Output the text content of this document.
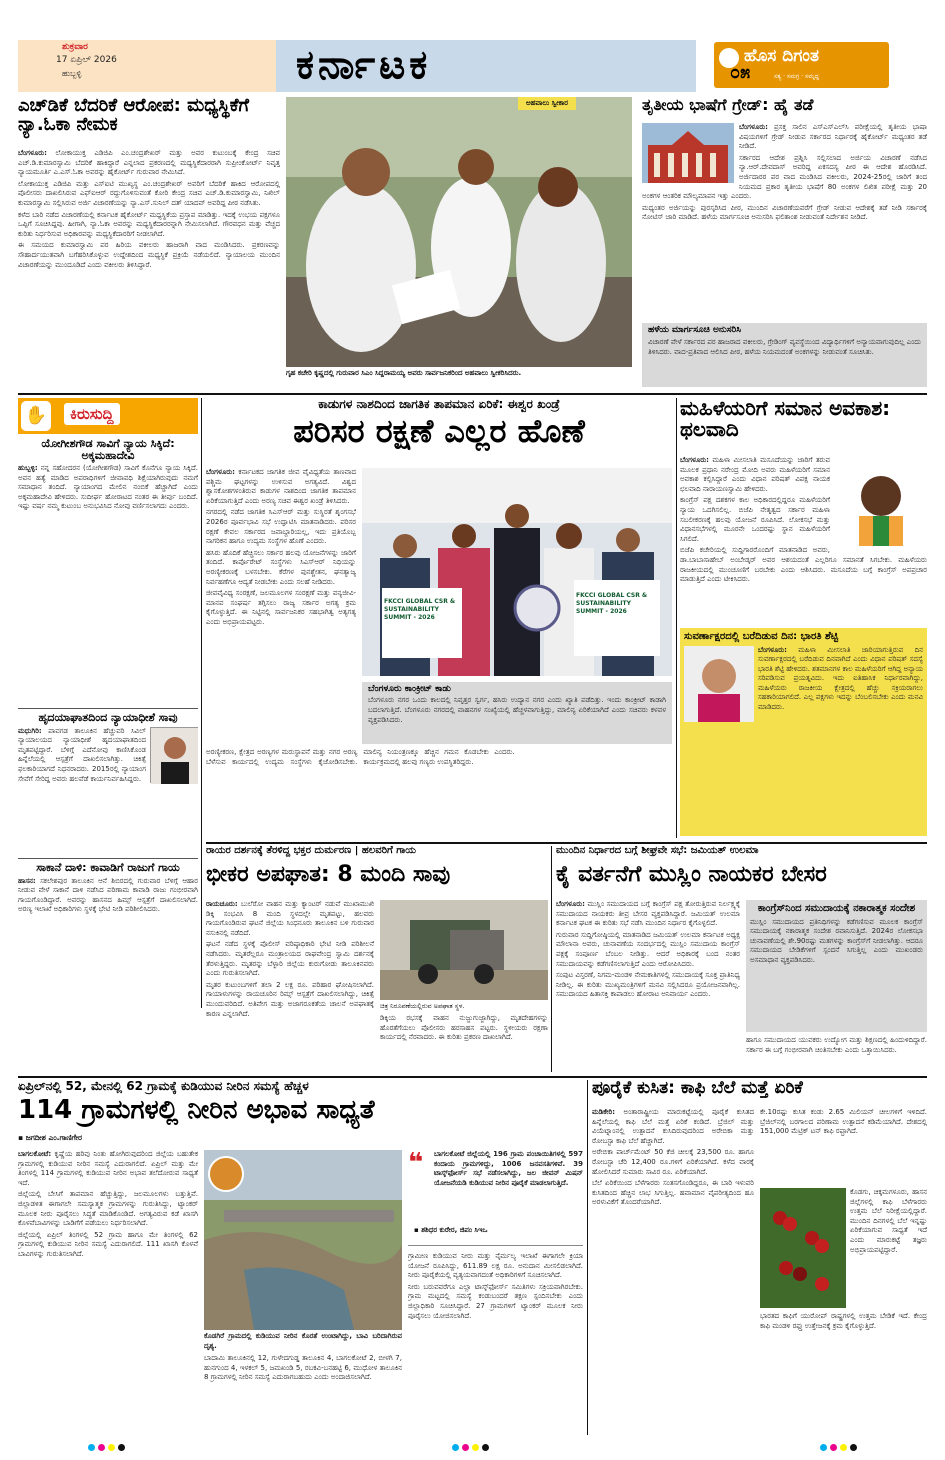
ಶುಕ್ರವಾರ
17 ಏಪ್ರಿಲ್ 2026
ಹುಬ್ಬಳ್ಳಿ	ಕರ್ನಾಟಕ	ಹೊಸ ದಿಗಂತ
ಸತ್ಯ · ಸಮಗ್ರ · ಸಮೃದ್ಧ
೦೫
ಎಚ್‌ಡಿಕೆ ಬೆದರಿಕೆ ಆರೋಪ: ಮಧ್ಯಸ್ಥಿಕೆಗೆ ನ್ಯಾ.ಓಕಾ ನೇಮಕ

ಬೆಂಗಳೂರು: ಲೋಕಾಯುಕ್ತ ಎಡಿಜಿಪಿ ಎಂ.ಚಂದ್ರಶೇಖರ್ ಮತ್ತು ಅವರ ಕುಟುಂಬಕ್ಕೆ ಕೇಂದ್ರ ಸಚಿವ ಎಚ್.ಡಿ.ಕುಮಾರಸ್ವಾಮಿ ಬೆದರಿಕೆ ಹಾಕಿದ್ದಾರೆ ಎನ್ನಲಾದ ಪ್ರಕರಣದಲ್ಲಿ ಮಧ್ಯಸ್ಥಿಕೆದಾರರಾಗಿ ಸುಪ್ರೀಂಕೋರ್ಟ್ ನಿವೃತ್ತ ನ್ಯಾಯಮೂರ್ತಿ ಎ.ಎಸ್.ಓಕಾ ಅವರನ್ನು ಹೈಕೋರ್ಟ್ ಗುರುವಾರ ನೇಮಿಸಿದೆ.

ಲೋಕಾಯುಕ್ತ ಎಡಿಜಿಪಿ ಮತ್ತು ಎಸ್‌ಐಟಿ ಮುಖ್ಯಸ್ಥ ಎಂ.ಚಂದ್ರಶೇಖರ್ ಅವರಿಗೆ ಬೆದರಿಕೆ ಹಾಕಿದ ಆರೋಪದಲ್ಲಿ ಪೊಲೀಸರು ದಾಖಲಿಸಿರುವ ಎಫ್‌ಐಆರ್ ರದ್ದುಗೊಳಿಸುವಂತೆ ಕೋರಿ ಕೇಂದ್ರ ಸಚಿವ ಎಚ್.ಡಿ.ಕುಮಾರಸ್ವಾಮಿ, ನಿಖಿಲ್ ಕುಮಾರಸ್ವಾಮಿ ಸಲ್ಲಿಸಿರುವ ಅರ್ಜಿ ವಿಚಾರಣೆಯನ್ನು ನ್ಯಾ.ಎಸ್.ಸುನಿಲ್ ದತ್ ಯಾದವ್ ಅವರಿದ್ದ ಪೀಠ ನಡೆಸಿತು.

ಕಳೆದ ಬಾರಿ ನಡೆದ ವಿಚಾರಣೆಯಲ್ಲಿ ಕರ್ನಾಟಕ ಹೈಕೋರ್ಟ್ ಮಧ್ಯಸ್ಥಿಕೆಯ ಪ್ರಸ್ತಾಪ ಮಾಡಿತ್ತು. ಇದಕ್ಕೆ ಉಭಯ ಪಕ್ಷಗಳೂ ಒಪ್ಪಿಗೆ ಸೂಚಿಸಿದ್ದವು. ಹೀಗಾಗಿ, ನ್ಯಾ.ಓಕಾ ಅವರನ್ನು ಮಧ್ಯಸ್ಥಿಕೆದಾರರನ್ನಾಗಿ ನೇಮಿಸಲಾಗಿದೆ. ಗೌರವಧನ ಮತ್ತು ವೆಚ್ಚದ ಕುರಿತು ನಿರ್ಧರಿಸುವ ಅಧಿಕಾರವನ್ನು ಮಧ್ಯಸ್ಥಿಕೆದಾರರಿಗೆ ನೀಡಲಾಗಿದೆ.

ಈ ಸಮಯದ ಕುಮಾರಸ್ವಾಮಿ ಪರ ಹಿರಿಯ ವಕೀಲರು ಹಾಜರಾಗಿ ವಾದ ಮಂಡಿಸಿದರು. ಪ್ರಕರಣವನ್ನು ಸೌಹಾರ್ದಯುತವಾಗಿ ಬಗೆಹರಿಸಿಕೊಳ್ಳುವ ಉದ್ದೇಶದಿಂದ ಮಧ್ಯಸ್ಥಿಕೆ ಪ್ರಕ್ರಿಯೆ ನಡೆಯಲಿದೆ. ನ್ಯಾಯಾಲಯ ಮುಂದಿನ ವಿಚಾರಣೆಯನ್ನು ಮುಂದೂಡಿದೆ ಎಂದು ವಕೀಲರು ತಿಳಿಸಿದ್ದಾರೆ.

ಅಹವಾಲು ಸ್ವೀಕಾರ
ಗೃಹ ಕಚೇರಿ ಕೃಷ್ಣದಲ್ಲಿ ಗುರುವಾರ ಸಿಎಂ ಸಿದ್ದರಾಮಯ್ಯ ಅವರು ಸಾರ್ವಜನಿಕರಿಂದ ಅಹವಾಲು ಸ್ವೀಕರಿಸಿದರು.
ತೃತೀಯ ಭಾಷೆಗೆ ಗ್ರೇಡ್: ಹೈ ತಡೆ

ಬೆಂಗಳೂರು: ಪ್ರಸಕ್ತ ಸಾಲಿನ ಎಸ್‌ಎಸ್‌ಎಲ್‌ಸಿ ಪರೀಕ್ಷೆಯಲ್ಲಿ ತೃತೀಯ ಭಾಷಾ ವಿಷಯಗಳಿಗೆ ಗ್ರೇಡ್ ನೀಡುವ ಸರ್ಕಾರದ ನಿರ್ಧಾರಕ್ಕೆ ಹೈಕೋರ್ಟ್ ಮಧ್ಯಂತರ ತಡೆ ನೀಡಿದೆ.

ಸರ್ಕಾರದ ಆದೇಶ ಪ್ರಶ್ನಿಸಿ ಸಲ್ಲಿಸಲಾದ ಅರ್ಜಿಯ ವಿಚಾರಣೆ ನಡೆಸಿದ ನ್ಯಾ.ಆರ್.ದೇವದಾಸ್ ಅವರಿದ್ದ ಏಕಸದಸ್ಯ ಪೀಠ ಈ ಆದೇಶ ಹೊರಡಿಸಿದೆ. ಅರ್ಜಿದಾರರ ಪರ ವಾದ ಮಂಡಿಸಿದ ವಕೀಲರು, 2024-25ರಲ್ಲಿ ಜಾರಿಗೆ ತಂದ ನಿಯಮದ ಪ್ರಕಾರ ತೃತೀಯ ಭಾಷೆಗೆ 80 ಅಂಕಗಳ ಲಿಖಿತ ಪರೀಕ್ಷೆ ಮತ್ತು 20 ಅಂಕಗಳ ಆಂತರಿಕ ಮೌಲ್ಯಮಾಪನ ಇತ್ತು ಎಂದರು.

ಮಧ್ಯಂತರ ಅರ್ಜಿಯನ್ನು ಪುರಸ್ಕರಿಸಿದ ಪೀಠ, ಮುಂದಿನ ವಿಚಾರಣೆಯವರೆಗೆ ಗ್ರೇಡ್ ನೀಡುವ ಆದೇಶಕ್ಕೆ ತಡೆ ನೀಡಿ ಸರ್ಕಾರಕ್ಕೆ ನೋಟಿಸ್ ಜಾರಿ ಮಾಡಿದೆ. ಹಳೆಯ ಮಾರ್ಗಸೂಚಿ ಅನುಸರಿಸಿ ಫಲಿತಾಂಶ ನೀಡುವಂತೆ ನಿರ್ದೇಶನ ನೀಡಿದೆ.

ಹಳೆಯ ಮಾರ್ಗಸೂಚಿ ಅನುಸರಿಸಿ
ವಿಚಾರಣೆ ವೇಳೆ ಸರ್ಕಾರದ ಪರ ಹಾಜರಾದ ವಕೀಲರು, ಗ್ರೇಡಿಂಗ್ ವ್ಯವಸ್ಥೆಯಿಂದ ವಿದ್ಯಾರ್ಥಿಗಳಿಗೆ ಅನ್ಯಾಯವಾಗುವುದಿಲ್ಲ ಎಂದು ತಿಳಿಸಿದರು. ವಾದ-ಪ್ರತಿವಾದ ಆಲಿಸಿದ ಪೀಠ, ಹಳೆಯ ನಿಯಮದಂತೆ ಅಂಕಗಳನ್ನು ನೀಡುವಂತೆ ಸೂಚಿಸಿತು.
✋	ಕಿರುಸುದ್ದಿ
ಯೋಗೀಶಗೌಡ ಸಾವಿಗೆ ನ್ಯಾಯ ಸಿಕ್ಕಿದೆ: ಅಕ್ಕಮಹಾದೇವಿ
ಹುಬ್ಬಳ್ಳಿ: ನನ್ನ ಸಹೋದರನ (ಯೋಗೀಶಗೌಡ) ಸಾವಿಗೆ ಕೊನೆಗೂ ನ್ಯಾಯ ಸಿಕ್ಕಿದೆ. ಅವನ ಹತ್ಯೆ ಮಾಡಿದ ಅಪರಾಧಿಗಳಿಗೆ ಜೀವಾವಧಿ ಶಿಕ್ಷೆಯಾಗಿರುವುದು ನಮಗೆ ಸಮಾಧಾನ ತಂದಿದೆ. ನ್ಯಾಯಾಂಗದ ಮೇಲಿನ ನಂಬಿಕೆ ಹೆಚ್ಚಾಗಿದೆ ಎಂದು ಅಕ್ಕಮಹಾದೇವಿ ಹೇಳಿದರು. ಸುದೀರ್ಘ ಹೋರಾಟದ ನಂತರ ಈ ತೀರ್ಪು ಬಂದಿದೆ. ಇಷ್ಟು ವರ್ಷ ನಮ್ಮ ಕುಟುಂಬ ಅನುಭವಿಸಿದ ನೋವು ವರ್ಣಿಸಲಾಗದು ಎಂದರು.
ಹೃದಯಾಘಾತದಿಂದ ನ್ಯಾಯಾಧೀಶೆ ಸಾವು
ಮಧುಗಿರಿ: ಪಾವಗಡ ತಾಲೂಕಿನ ಹೆಚ್ಚುವರಿ ಸಿವಿಲ್ ನ್ಯಾಯಾಲಯದ ನ್ಯಾಯಾಧೀಶೆ ಹೃದಯಾಘಾತದಿಂದ ಮೃತಪಟ್ಟಿದ್ದಾರೆ. ಬೆಳಿಗ್ಗೆ ಎದೆನೋವು ಕಾಣಿಸಿಕೊಂಡ ಹಿನ್ನೆಲೆಯಲ್ಲಿ ಆಸ್ಪತ್ರೆಗೆ ದಾಖಲಿಸಲಾಗಿತ್ತು. ಚಿಕಿತ್ಸೆ ಫಲಕಾರಿಯಾಗದೆ ನಿಧನರಾದರು. 2015ರಲ್ಲಿ ನ್ಯಾಯಾಂಗ ಸೇವೆಗೆ ಸೇರಿದ್ದ ಅವರು ಹಲವೆಡೆ ಕಾರ್ಯನಿರ್ವಹಿಸಿದ್ದರು.
ಸಾಕಾನೆ ದಾಳಿ: ಕಾವಾಡಿಗೆ ರಾಜುಗೆ ಗಾಯ
ಹಾಸನ: ಸಕಲೇಶಪುರ ತಾಲೂಕಿನ ಆನೆ ಶಿಬಿರದಲ್ಲಿ ಗುರುವಾರ ಬೆಳಿಗ್ಗೆ ಆಹಾರ ನೀಡುವ ವೇಳೆ ಸಾಕಾನೆ ದಾಳಿ ನಡೆಸಿದ ಪರಿಣಾಮ ಕಾವಾಡಿ ರಾಜು ಗಂಭೀರವಾಗಿ ಗಾಯಗೊಂಡಿದ್ದಾರೆ. ಅವರನ್ನು ಹಾಸನದ ಹಿಮ್ಸ್ ಆಸ್ಪತ್ರೆಗೆ ದಾಖಲಿಸಲಾಗಿದೆ. ಅರಣ್ಯ ಇಲಾಖೆ ಅಧಿಕಾರಿಗಳು ಸ್ಥಳಕ್ಕೆ ಭೇಟಿ ನೀಡಿ ಪರಿಶೀಲಿಸಿದರು.
ಕಾಡುಗಳ ನಾಶದಿಂದ ಜಾಗತಿಕ ತಾಪಮಾನ ಏರಿಕೆ: ಈಶ್ವರ ಖಂಡ್ರೆ
ಪರಿಸರ ರಕ್ಷಣೆ ಎಲ್ಲರ ಹೊಣೆ

ಬೆಂಗಳೂರು: ಕರ್ನಾಟಕದ ಜಾಗತಿಕ ಜೀವ ವೈವಿಧ್ಯತೆಯ ತಾಣವಾದ ಪಶ್ಚಿಮ ಘಟ್ಟಗಳನ್ನು ಉಳಿಸುವ ಅಗತ್ಯವಿದೆ. ವಿಶ್ವದ ಶ್ವಾಸಕೋಶಗಳಂತಿರುವ ಕಾಡುಗಳ ನಾಶದಿಂದ ಜಾಗತಿಕ ತಾಪಮಾನ ಏರಿಕೆಯಾಗುತ್ತಿದೆ ಎಂದು ಅರಣ್ಯ ಸಚಿವ ಈಶ್ವರ ಖಂಡ್ರೆ ತಿಳಿಸಿದರು.

ನಗರದಲ್ಲಿ ನಡೆದ ಜಾಗತಿಕ ಸಿಎಸ್‌ಆರ್ ಮತ್ತು ಸುಸ್ಥಿರತೆ ಶೃಂಗಸಭೆ 2026ರ ಪೂರ್ವಭಾವಿ ಸಭೆ ಉದ್ಘಾಟಿಸಿ ಮಾತನಾಡಿದರು. ಪರಿಸರ ರಕ್ಷಣೆ ಕೇವಲ ಸರ್ಕಾರದ ಜವಾಬ್ದಾರಿಯಲ್ಲ, ಇದು ಪ್ರತಿಯೊಬ್ಬ ನಾಗರಿಕನ ಹಾಗೂ ಉದ್ಯಮ ಸಂಸ್ಥೆಗಳ ಹೊಣೆ ಎಂದರು.

ಹಸಿರು ಹೊದಿಕೆ ಹೆಚ್ಚಿಸಲು ಸರ್ಕಾರ ಹಲವು ಯೋಜನೆಗಳನ್ನು ಜಾರಿಗೆ ತಂದಿದೆ. ಕಾರ್ಪೊರೇಟ್ ಸಂಸ್ಥೆಗಳು ಸಿಎಸ್‌ಆರ್ ನಿಧಿಯನ್ನು ಅರಣ್ಯೀಕರಣಕ್ಕೆ ಬಳಸಬೇಕು. ಕೆರೆಗಳ ಪುನಶ್ಚೇತನ, ಘನತ್ಯಾಜ್ಯ ನಿರ್ವಹಣೆಗೂ ಆದ್ಯತೆ ನೀಡಬೇಕು ಎಂದು ಸಲಹೆ ನೀಡಿದರು.

ಜೀವವೈವಿಧ್ಯ ಸಂರಕ್ಷಣೆ, ಜಲಮೂಲಗಳ ಸಂರಕ್ಷಣೆ ಮತ್ತು ವನ್ಯಜೀವಿ-ಮಾನವ ಸಂಘರ್ಷ ತಗ್ಗಿಸಲು ರಾಜ್ಯ ಸರ್ಕಾರ ಅಗತ್ಯ ಕ್ರಮ ಕೈಗೊಳ್ಳುತ್ತಿದೆ. ಈ ನಿಟ್ಟಿನಲ್ಲಿ ಸಾರ್ವಜನಿಕರ ಸಹಭಾಗಿತ್ವ ಅತ್ಯಗತ್ಯ ಎಂದು ಅಭಿಪ್ರಾಯಪಟ್ಟರು.

FKCCI GLOBAL CSR & SUSTAINABILITY SUMMIT - 2026
FKCCI GLOBAL CSR & SUSTAINABILITY SUMMIT - 2026
ಬೆಂಗಳೂರು ಕಾಂಕ್ರೀಟ್ ಕಾಡು
ಬೆಂಗಳೂರು ನಗರ ಒಂದು ಕಾಲದಲ್ಲಿ ನಿವೃತ್ತರ ಸ್ವರ್ಗ, ಹಸಿರು ಉದ್ಯಾನ ನಗರ ಎಂದು ಖ್ಯಾತಿ ಪಡೆದಿತ್ತು. ಇಂದು ಕಾಂಕ್ರೀಟ್ ಕಾಡಾಗಿ ಬದಲಾಗುತ್ತಿದೆ. ಬೆಂಗಳೂರು ನಗರದಲ್ಲಿ ವಾಹನಗಳ ಸಂಖ್ಯೆಯಲ್ಲಿ ಹೆಚ್ಚಳವಾಗುತ್ತಿದ್ದು, ಮಾಲಿನ್ಯ ಏರಿಕೆಯಾಗಿದೆ ಎಂದು ಸಚಿವರು ಕಳವಳ ವ್ಯಕ್ತಪಡಿಸಿದರು.
ಅರಣ್ಯೀಕರಣ, ಕ್ಷೇತ್ರದ ಅರಣ್ಯಗಳ ಮರುಸ್ಥಾಪನೆ ಮತ್ತು ನಗರ ಅರಣ್ಯ ಬೆಳೆಸುವ ಕಾರ್ಯದಲ್ಲಿ ಉದ್ಯಮ ಸಂಸ್ಥೆಗಳು ಕೈಜೋಡಿಸಬೇಕು. ಮಾಲಿನ್ಯ ನಿಯಂತ್ರಣಕ್ಕೂ ಹೆಚ್ಚಿನ ಗಮನ ಕೊಡಬೇಕು ಎಂದರು. ಕಾರ್ಯಕ್ರಮದಲ್ಲಿ ಹಲವು ಗಣ್ಯರು ಉಪಸ್ಥಿತರಿದ್ದರು.
ಮಹಿಳೆಯರಿಗೆ ಸಮಾನ ಅವಕಾಶ: ಥಲವಾದಿ

ಬೆಂಗಳೂರು: ಮಹಿಳಾ ಮೀಸಲಾತಿ ಮಸೂದೆಯನ್ನು ಜಾರಿಗೆ ತರುವ ಮೂಲಕ ಪ್ರಧಾನಿ ನರೇಂದ್ರ ಮೋದಿ ಅವರು ಮಹಿಳೆಯರಿಗೆ ಸಮಾನ ಅವಕಾಶ ಕಲ್ಪಿಸಿದ್ದಾರೆ ಎಂದು ವಿಧಾನ ಪರಿಷತ್ ವಿಪಕ್ಷ ನಾಯಕ ಛಲವಾದಿ ನಾರಾಯಣಸ್ವಾಮಿ ಹೇಳಿದರು.

ಕಾಂಗ್ರೆಸ್ ಪಕ್ಷ ದಶಕಗಳ ಕಾಲ ಅಧಿಕಾರದಲ್ಲಿದ್ದರೂ ಮಹಿಳೆಯರಿಗೆ ನ್ಯಾಯ ಒದಗಿಸಲಿಲ್ಲ. ಬಿಜೆಪಿ ನೇತೃತ್ವದ ಸರ್ಕಾರ ಮಹಿಳಾ ಸಬಲೀಕರಣಕ್ಕೆ ಹಲವು ಯೋಜನೆ ರೂಪಿಸಿದೆ. ಲೋಕಸಭೆ ಮತ್ತು ವಿಧಾನಸಭೆಗಳಲ್ಲಿ ಮೂರನೇ ಒಂದರಷ್ಟು ಸ್ಥಾನ ಮಹಿಳೆಯರಿಗೆ ಸಿಗಲಿದೆ.

ಬಿಜೆಪಿ ಕಚೇರಿಯಲ್ಲಿ ಸುದ್ದಿಗಾರರೊಂದಿಗೆ ಮಾತನಾಡಿದ ಅವರು, ಡಾ.ಬಾಬಾಸಾಹೇಬ್ ಅಂಬೇಡ್ಕರ್ ಅವರ ಆಶಯದಂತೆ ಎಲ್ಲರಿಗೂ ಸಮಾನತೆ ಸಿಗಬೇಕು. ಮಹಿಳೆಯರು ರಾಜಕೀಯದಲ್ಲಿ ಮುಂಚೂಣಿಗೆ ಬರಬೇಕು ಎಂದು ಆಶಿಸಿದರು. ಮಸೂದೆಯ ಬಗ್ಗೆ ಕಾಂಗ್ರೆಸ್ ಅಪಪ್ರಚಾರ ಮಾಡುತ್ತಿದೆ ಎಂದು ಟೀಕಿಸಿದರು.

ಸುವರ್ಣಾಕ್ಷರದಲ್ಲಿ ಬರೆದಿಡುವ ದಿನ: ಭಾರತಿ ಶೆಟ್ಟಿ
ಬೆಂಗಳೂರು: ಮಹಿಳಾ ಮೀಸಲಾತಿ ಜಾರಿಯಾಗುತ್ತಿರುವ ದಿನ ಸುವರ್ಣಾಕ್ಷರದಲ್ಲಿ ಬರೆದಿಡುವ ದಿನವಾಗಿದೆ ಎಂದು ವಿಧಾನ ಪರಿಷತ್ ಸದಸ್ಯೆ ಭಾರತಿ ಶೆಟ್ಟಿ ಹೇಳಿದರು. ಶತಮಾನಗಳ ಕಾಲ ಮಹಿಳೆಯರಿಗೆ ಆಗಿದ್ದ ಅನ್ಯಾಯ ಸರಿಪಡಿಸುವ ಪ್ರಯತ್ನವಿದು. ಇದು ಐತಿಹಾಸಿಕ ನಿರ್ಧಾರವಾಗಿದ್ದು, ಮಹಿಳೆಯರು ರಾಜಕೀಯ ಕ್ಷೇತ್ರದಲ್ಲಿ ಹೆಚ್ಚು ಸಕ್ರಿಯರಾಗಲು ಸಹಕಾರಿಯಾಗಲಿದೆ. ಎಲ್ಲ ಪಕ್ಷಗಳು ಇದನ್ನು ಬೆಂಬಲಿಸಬೇಕು ಎಂದು ಮನವಿ ಮಾಡಿದರು.
ರಾಯರ ದರ್ಶನಕ್ಕೆ ತೆರಳಿದ್ದ ಭಕ್ತರ ದುರ್ಮರಣ | ಹಲವರಿಗೆ ಗಾಯ
ಭೀಕರ ಅಪಘಾತ: 8 ಮಂದಿ ಸಾವು

ರಾಯಚೂರು: ಬುಲೆರೋ ವಾಹನ ಮತ್ತು ಕ್ಯಾಂಟರ್ ನಡುವೆ ಮುಖಾಮುಖಿ ಡಿಕ್ಕಿ ಸಂಭವಿಸಿ 8 ಮಂದಿ ಸ್ಥಳದಲ್ಲೇ ಮೃತಪಟ್ಟು, ಹಲವರು ಗಾಯಗೊಂಡಿರುವ ಘಟನೆ ಜಿಲ್ಲೆಯ ಸಿಂಧನೂರು ತಾಲೂಕಿನ ಬಳಿ ಗುರುವಾರ ನಸುಕಿನಲ್ಲಿ ನಡೆದಿದೆ.

ಘಟನೆ ನಡೆದ ಸ್ಥಳಕ್ಕೆ ಪೊಲೀಸ್ ವರಿಷ್ಠಾಧಿಕಾರಿ ಭೇಟಿ ನೀಡಿ ಪರಿಶೀಲನೆ ನಡೆಸಿದರು. ಮೃತರೆಲ್ಲರೂ ಮಂತ್ರಾಲಯದ ರಾಘವೇಂದ್ರ ಸ್ವಾಮಿ ದರ್ಶನಕ್ಕೆ ತೆರಳುತ್ತಿದ್ದರು. ಮೃತರನ್ನು ಬೆಳ್ಳಾರಿ ಜಿಲ್ಲೆಯ ಕುರುಗೋಡು ತಾಲೂಕಿನವರು ಎಂದು ಗುರುತಿಸಲಾಗಿದೆ.

ಮೃತರ ಕುಟುಂಬಗಳಿಗೆ ತಲಾ 2 ಲಕ್ಷ ರೂ. ಪರಿಹಾರ ಘೋಷಿಸಲಾಗಿದೆ. ಗಾಯಾಳುಗಳನ್ನು ರಾಯಚೂರಿನ ರಿಮ್ಸ್ ಆಸ್ಪತ್ರೆಗೆ ದಾಖಲಿಸಲಾಗಿದ್ದು, ಚಿಕಿತ್ಸೆ ಮುಂದುವರಿದಿದೆ. ಅತಿವೇಗ ಮತ್ತು ಅಜಾಗರೂಕತೆಯ ಚಾಲನೆ ಅಪಘಾತಕ್ಕೆ ಕಾರಣ ಎನ್ನಲಾಗಿದೆ.

ಚಿತ್ರ ನಿರೂಪಣೆಯಲ್ಲಿರುವ ಅಪಘಾತ ಸ್ಥಳ.
ಡಿಕ್ಕಿಯ ರಭಸಕ್ಕೆ ವಾಹನ ನುಜ್ಜುಗುಜ್ಜಾಗಿದ್ದು, ಮೃತದೇಹಗಳನ್ನು ಹೊರತೆಗೆಯಲು ಪೊಲೀಸರು ಹರಸಾಹಸ ಪಟ್ಟರು. ಸ್ಥಳೀಯರು ರಕ್ಷಣಾ ಕಾರ್ಯದಲ್ಲಿ ನೆರವಾದರು. ಈ ಕುರಿತು ಪ್ರಕರಣ ದಾಖಲಾಗಿದೆ.
ಮುಂದಿನ ನಿರ್ಧಾರದ ಬಗ್ಗೆ ಶೀಘ್ರವೇ ಸಭೆ: ಜಮಿಯತ್ ಉಲಮಾ
ಕೈ ವರ್ತನೆಗೆ ಮುಸ್ಲಿಂ ನಾಯಕರ ಬೇಸರ

ಬೆಂಗಳೂರು: ಮುಸ್ಲಿಂ ಸಮುದಾಯದ ಬಗ್ಗೆ ಕಾಂಗ್ರೆಸ್ ಪಕ್ಷ ತೋರುತ್ತಿರುವ ನಿರ್ಲಕ್ಷ್ಯಕ್ಕೆ ಸಮುದಾಯದ ನಾಯಕರು ತೀವ್ರ ಬೇಸರ ವ್ಯಕ್ತಪಡಿಸಿದ್ದಾರೆ. ಜಮಿಯತ್ ಉಲಮಾ ಕರ್ನಾಟಕ ಘಟಕ ಈ ಕುರಿತು ಸಭೆ ನಡೆಸಿ ಮುಂದಿನ ನಿರ್ಧಾರ ಕೈಗೊಳ್ಳಲಿದೆ.

ಗುರುವಾರ ಸುದ್ದಿಗೋಷ್ಠಿಯಲ್ಲಿ ಮಾತನಾಡಿದ ಜಮಿಯತ್ ಉಲಮಾ ಕರ್ನಾಟಕ ಅಧ್ಯಕ್ಷ ಮೌಲಾನಾ ಅವರು, ಚುನಾವಣೆಯ ಸಂದರ್ಭದಲ್ಲಿ ಮುಸ್ಲಿಂ ಸಮುದಾಯ ಕಾಂಗ್ರೆಸ್ ಪಕ್ಷಕ್ಕೆ ಸಂಪೂರ್ಣ ಬೆಂಬಲ ನೀಡಿತ್ತು. ಆದರೆ ಅಧಿಕಾರಕ್ಕೆ ಬಂದ ನಂತರ ಸಮುದಾಯವನ್ನು ಕಡೆಗಣಿಸಲಾಗುತ್ತಿದೆ ಎಂದು ಆರೋಪಿಸಿದರು.

ಸಂಪುಟ ವಿಸ್ತರಣೆ, ನಿಗಮ-ಮಂಡಳಿ ನೇಮಕಾತಿಗಳಲ್ಲಿ ಸಮುದಾಯಕ್ಕೆ ಸೂಕ್ತ ಪ್ರಾತಿನಿಧ್ಯ ನೀಡಿಲ್ಲ. ಈ ಕುರಿತು ಮುಖ್ಯಮಂತ್ರಿಗಳಿಗೆ ಮನವಿ ಸಲ್ಲಿಸಿದರೂ ಪ್ರಯೋಜನವಾಗಿಲ್ಲ. ಸಮುದಾಯದ ಹಿತಾಸಕ್ತಿ ಕಾಪಾಡಲು ಹೋರಾಟ ಅನಿವಾರ್ಯ ಎಂದರು.

ಕಾಂಗ್ರೆಸ್‌ನಿಂದ ಸಮುದಾಯಕ್ಕೆ ನಕಾರಾತ್ಮಕ ಸಂದೇಶ
ಮುಸ್ಲಿಂ ಸಮುದಾಯದ ಪ್ರತಿನಿಧಿಗಳನ್ನು ಕಡೆಗಣಿಸುವ ಮೂಲಕ ಕಾಂಗ್ರೆಸ್ ಸಮುದಾಯಕ್ಕೆ ನಕಾರಾತ್ಮಕ ಸಂದೇಶ ರವಾನಿಸುತ್ತಿದೆ. 2024ರ ಲೋಕಸಭಾ ಚುನಾವಣೆಯಲ್ಲಿ ಶೇ.90ರಷ್ಟು ಮತಗಳನ್ನು ಕಾಂಗ್ರೆಸ್‌ಗೆ ನೀಡಲಾಗಿತ್ತು. ಆದರೂ ಸಮುದಾಯದ ಬೇಡಿಕೆಗಳಿಗೆ ಸ್ಪಂದನೆ ಸಿಗುತ್ತಿಲ್ಲ ಎಂದು ಮುಖಂಡರು ಅಸಮಾಧಾನ ವ್ಯಕ್ತಪಡಿಸಿದರು.
ಹಾಗೂ ಸಮುದಾಯದ ಯುವಕರು ಉದ್ಯೋಗ ಮತ್ತು ಶಿಕ್ಷಣದಲ್ಲಿ ಹಿಂದುಳಿದಿದ್ದಾರೆ. ಸರ್ಕಾರ ಈ ಬಗ್ಗೆ ಗಂಭೀರವಾಗಿ ಚಿಂತಿಸಬೇಕು ಎಂದು ಒತ್ತಾಯಿಸಿದರು.
ಏಪ್ರಿಲ್‌ನಲ್ಲಿ 52, ಮೇನಲ್ಲಿ 62 ಗ್ರಾಮಕ್ಕೆ ಕುಡಿಯುವ ನೀರಿನ ಸಮಸ್ಯೆ ಹೆಚ್ಚಳ
114 ಗ್ರಾಮಗಳಲ್ಲಿ ನೀರಿನ ಅಭಾವ ಸಾಧ್ಯತೆ
▪ ಜಗದೀಶ ಎಂ.ಗಾಣಿಗೇರ

ಬಾಗಲಕೋಟೆ: ಕೃಷ್ಣೆಯ ಹರಿವು ನಿಂತು ಹೋಗಿರುವುದರಿಂದ ಜಿಲ್ಲೆಯ ಬಹುತೇಕ ಗ್ರಾಮಗಳಲ್ಲಿ ಕುಡಿಯುವ ನೀರಿನ ಸಮಸ್ಯೆ ಎದುರಾಗಲಿದೆ. ಏಪ್ರಿಲ್ ಮತ್ತು ಮೇ ತಿಂಗಳಲ್ಲಿ 114 ಗ್ರಾಮಗಳಲ್ಲಿ ಕುಡಿಯುವ ನೀರಿನ ಅಭಾವ ತಲೆದೋರುವ ಸಾಧ್ಯತೆ ಇದೆ.

ಜಿಲ್ಲೆಯಲ್ಲಿ ಬೇಸಿಗೆ ತಾಪಮಾನ ಹೆಚ್ಚುತ್ತಿದ್ದು, ಜಲಮೂಲಗಳು ಬತ್ತುತ್ತಿವೆ. ಜಿಲ್ಲಾಡಳಿತ ಈಗಾಗಲೇ ಸಮಸ್ಯಾತ್ಮಕ ಗ್ರಾಮಗಳನ್ನು ಗುರುತಿಸಿದ್ದು, ಟ್ಯಾಂಕರ್ ಮೂಲಕ ನೀರು ಪೂರೈಸಲು ಸಿದ್ಧತೆ ಮಾಡಿಕೊಂಡಿದೆ. ಅಗತ್ಯವಿರುವ ಕಡೆ ಖಾಸಗಿ ಕೊಳವೆಬಾವಿಗಳನ್ನು ಬಾಡಿಗೆಗೆ ಪಡೆಯಲು ನಿರ್ಧರಿಸಲಾಗಿದೆ.

ಜಿಲ್ಲೆಯಲ್ಲಿ ಏಪ್ರಿಲ್ ತಿಂಗಳಲ್ಲಿ 52 ಗ್ರಾಮ ಹಾಗೂ ಮೇ ತಿಂಗಳಲ್ಲಿ 62 ಗ್ರಾಮಗಳಲ್ಲಿ ಕುಡಿಯುವ ನೀರಿನ ಸಮಸ್ಯೆ ಎದುರಾಗಲಿದೆ. 111 ಖಾಸಗಿ ಕೊಳವೆ ಬಾವಿಗಳನ್ನು ಗುರುತಿಸಲಾಗಿದೆ.

ಕೊಡಗಿರೆ ಗ್ರಾಮದಲ್ಲಿ ಕುಡಿಯುವ ನೀರಿನ ಕೊರತೆ ಉಂಟಾಗಿದ್ದು, ಬಾವಿ ಬರಿದಾಗಿರುವ ದೃಶ್ಯ.
ಬಾದಾಮಿ ತಾಲೂಕಿನಲ್ಲಿ 12, ಗುಳೇದಗುಡ್ಡ ತಾಲೂಕಿನ 4, ಬಾಗಲಕೋಟೆ 2, ಬೀಳಗಿ 7, ಹುನಗುಂದ 4, ಇಳಕಲ್ 5, ಜಮಖಂಡಿ 5, ರಬಕವಿ-ಬನಹಟ್ಟಿ 6, ಮುಧೋಳ ತಾಲೂಕಿನ 8 ಗ್ರಾಮಗಳಲ್ಲಿ ನೀರಿನ ಸಮಸ್ಯೆ ಎದುರಾಗಬಹುದು ಎಂದು ಅಂದಾಜಿಸಲಾಗಿದೆ.
❝ ಬಾಗಲಕೋಟೆ ಜಿಲ್ಲೆಯಲ್ಲಿ 196 ಗ್ರಾಮ ಪಂಚಾಯಿತಿಗಳಲ್ಲಿ 597 ಕಂದಾಯ ಗ್ರಾಮಗಳಿದ್ದು, 1006 ಜನವಸತಿಗಳಿವೆ. 39 ಟಾಸ್ಕ್‌ಫೋರ್ಸ್ ಸಭೆ ನಡೆಸಲಾಗಿದ್ದು, ಜಲ ಜೀವನ್ ಮಿಷನ್ ಯೋಜನೆಯಡಿ ಕುಡಿಯುವ ನೀರಿನ ಪೂರೈಕೆ ಮಾಡಲಾಗುತ್ತಿದೆ.
▪ ಶಶಿಧರ ಕುರೇರ, ಜಿಪಂ ಸಿಇಒ

ಗ್ರಾಮೀಣ ಕುಡಿಯುವ ನೀರು ಮತ್ತು ನೈರ್ಮಲ್ಯ ಇಲಾಖೆ ಈಗಾಗಲೇ ಕ್ರಿಯಾ ಯೋಜನೆ ರೂಪಿಸಿದ್ದು, 611.89 ಲಕ್ಷ ರೂ. ಅನುದಾನ ಮೀಸಲಿಡಲಾಗಿದೆ. ನೀರು ಪೂರೈಕೆಯಲ್ಲಿ ವ್ಯತ್ಯಯವಾಗದಂತೆ ಅಧಿಕಾರಿಗಳಿಗೆ ಸೂಚಿಸಲಾಗಿದೆ.

ನೀರು ಬರುವವರೆಗೂ ಎಲ್ಲಾ ಟಾಸ್ಕ್‌ಫೋರ್ಸ್ ಸಮಿತಿಗಳು ಸಕ್ರಿಯವಾಗಿರಬೇಕು. ಗ್ರಾಮ ಮಟ್ಟದಲ್ಲಿ ಸಮಸ್ಯೆ ಕಂಡುಬಂದರೆ ತಕ್ಷಣ ಸ್ಪಂದಿಸಬೇಕು ಎಂದು ಜಿಲ್ಲಾಧಿಕಾರಿ ಸೂಚಿಸಿದ್ದಾರೆ. 27 ಗ್ರಾಮಗಳಿಗೆ ಟ್ಯಾಂಕರ್ ಮೂಲಕ ನೀರು ಪೂರೈಸಲು ಯೋಜಿಸಲಾಗಿದೆ.

ಪೂರೈಕೆ ಕುಸಿತ: ಕಾಫಿ ಬೆಲೆ ಮತ್ತೆ ಏರಿಕೆ

ಮಡಿಕೇರಿ: ಅಂತಾರಾಷ್ಟ್ರೀಯ ಮಾರುಕಟ್ಟೆಯಲ್ಲಿ ಪೂರೈಕೆ ಕುಸಿತದ ಹಿನ್ನೆಲೆಯಲ್ಲಿ ಕಾಫಿ ಬೆಲೆ ಮತ್ತೆ ಏರಿಕೆ ಕಂಡಿದೆ. ಬ್ರೆಜಿಲ್ ಮತ್ತು ವಿಯೆಟ್ನಾಂನಲ್ಲಿ ಉತ್ಪಾದನೆ ಕುಸಿದಿರುವುದರಿಂದ ಅರೇಬಿಕಾ ಮತ್ತು ರೋಬಸ್ಟಾ ಕಾಫಿ ಬೆಲೆ ಹೆಚ್ಚಾಗಿದೆ.

ಅರೇಬಿಕಾ ಪಾರ್ಚ್‌ಮೆಂಟ್ 50 ಕೆಜಿ ಚೀಲಕ್ಕೆ 23,500 ರೂ. ಹಾಗೂ ರೋಬಸ್ಟಾ ಚೆರಿ 12,400 ರೂ.ಗಳಿಗೆ ಏರಿಕೆಯಾಗಿದೆ. ಕಳೆದ ವಾರಕ್ಕೆ ಹೋಲಿಸಿದರೆ ಸುಮಾರು ಸಾವಿರ ರೂ. ಏರಿಕೆಯಾಗಿದೆ.

ಬೆಲೆ ಏರಿಕೆಯಿಂದ ಬೆಳೆಗಾರರು ಸಂತಸಗೊಂಡಿದ್ದರೂ, ಈ ಬಾರಿ ಇಳುವರಿ ಕುಸಿತದಿಂದ ಹೆಚ್ಚಿನ ಲಾಭ ಸಿಗುತ್ತಿಲ್ಲ. ಹವಾಮಾನ ವೈಪರೀತ್ಯದಿಂದ ಹೂ ಅರಳುವಿಕೆಗೆ ತೊಂದರೆಯಾಗಿದೆ.

ಕೇ.10ರಷ್ಟು ಕುಸಿತ ಕಂಡು 2.65 ಮಿಲಿಯನ್ ಚೀಲಗಳಿಗೆ ಇಳಿದಿದೆ. ಬ್ರೆಜಿಲ್‌ನಲ್ಲಿ ಬರಗಾಲದ ಪರಿಣಾಮ ಉತ್ಪಾದನೆ ಕಡಿಮೆಯಾಗಿದೆ. ದೇಶದಲ್ಲಿ 151,000 ಮೆಟ್ರಿಕ್ ಟನ್ ಕಾಫಿ ರಫ್ತಾಗಿದೆ.
ಕೊಡಗು, ಚಿಕ್ಕಮಗಳೂರು, ಹಾಸನ ಜಿಲ್ಲೆಗಳಲ್ಲಿ ಕಾಫಿ ಬೆಳೆಗಾರರು ಉತ್ತಮ ಬೆಲೆ ನಿರೀಕ್ಷೆಯಲ್ಲಿದ್ದಾರೆ. ಮುಂದಿನ ದಿನಗಳಲ್ಲಿ ಬೆಲೆ ಇನ್ನಷ್ಟು ಏರಿಕೆಯಾಗುವ ಸಾಧ್ಯತೆ ಇದೆ ಎಂದು ಮಾರುಕಟ್ಟೆ ತಜ್ಞರು ಅಭಿಪ್ರಾಯಪಟ್ಟಿದ್ದಾರೆ.
ಭಾರತದ ಕಾಫಿಗೆ ಯುರೋಪ್ ರಾಷ್ಟ್ರಗಳಲ್ಲಿ ಉತ್ತಮ ಬೇಡಿಕೆ ಇದೆ. ಕೇಂದ್ರ ಕಾಫಿ ಮಂಡಳಿ ರಫ್ತು ಉತ್ತೇಜನಕ್ಕೆ ಕ್ರಮ ಕೈಗೊಳ್ಳುತ್ತಿದೆ.
